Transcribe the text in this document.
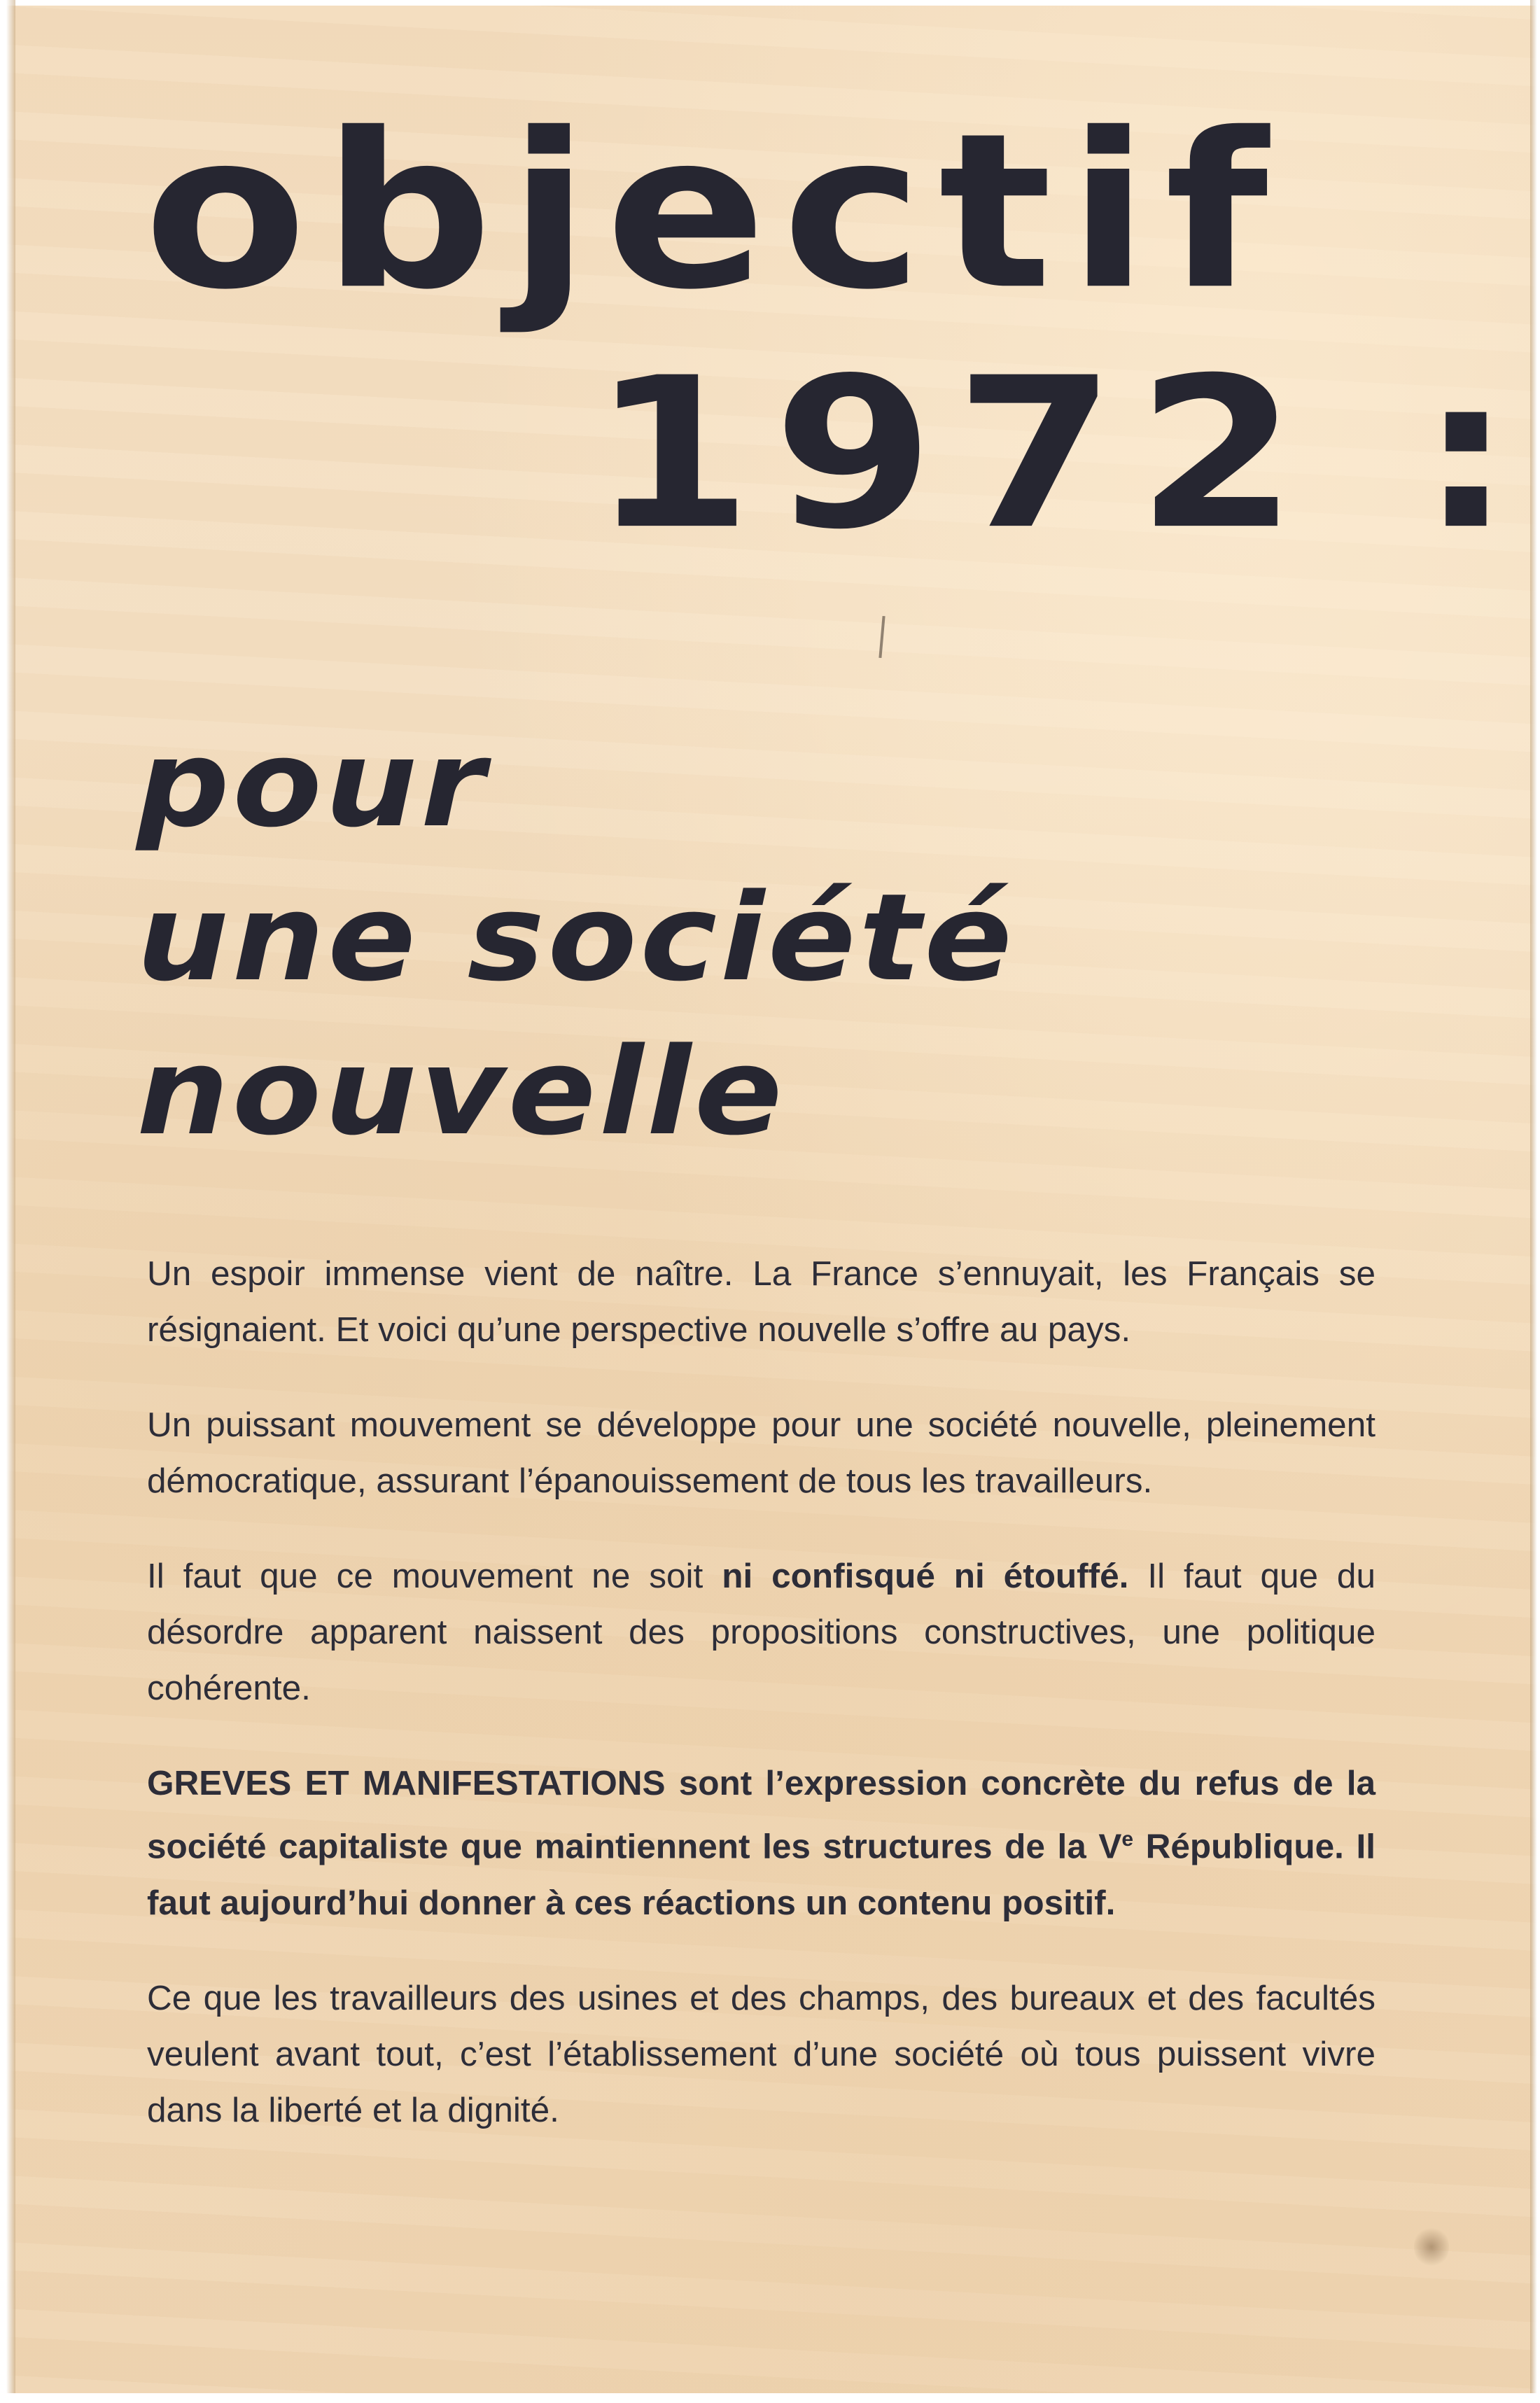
objectif
1972 :
pour
une société
nouvelle

Un espoir immense vient de naître. La France s’ennuyait, les Français se résignaient. Et voici qu’une perspective nouvelle s’offre au pays.

Un puissant mouvement se développe pour une société nouvelle, pleinement démocratique, assurant l’épanouissement de tous les travailleurs.

Il faut que ce mouvement ne soit ni confisqué ni étouffé. Il faut que du désordre apparent naissent des propositions constructives, une politique cohérente.

GREVES ET MANIFESTATIONS sont l’expression concrète du refus de la société capitaliste que maintiennent les structures de la Ve République. Il faut aujourd’hui donner à ces réactions un contenu positif.

Ce que les travailleurs des usines et des champs, des bureaux et des facultés veulent avant tout, c’est l’établissement d’une société où tous puissent vivre dans la liberté et la dignité.
